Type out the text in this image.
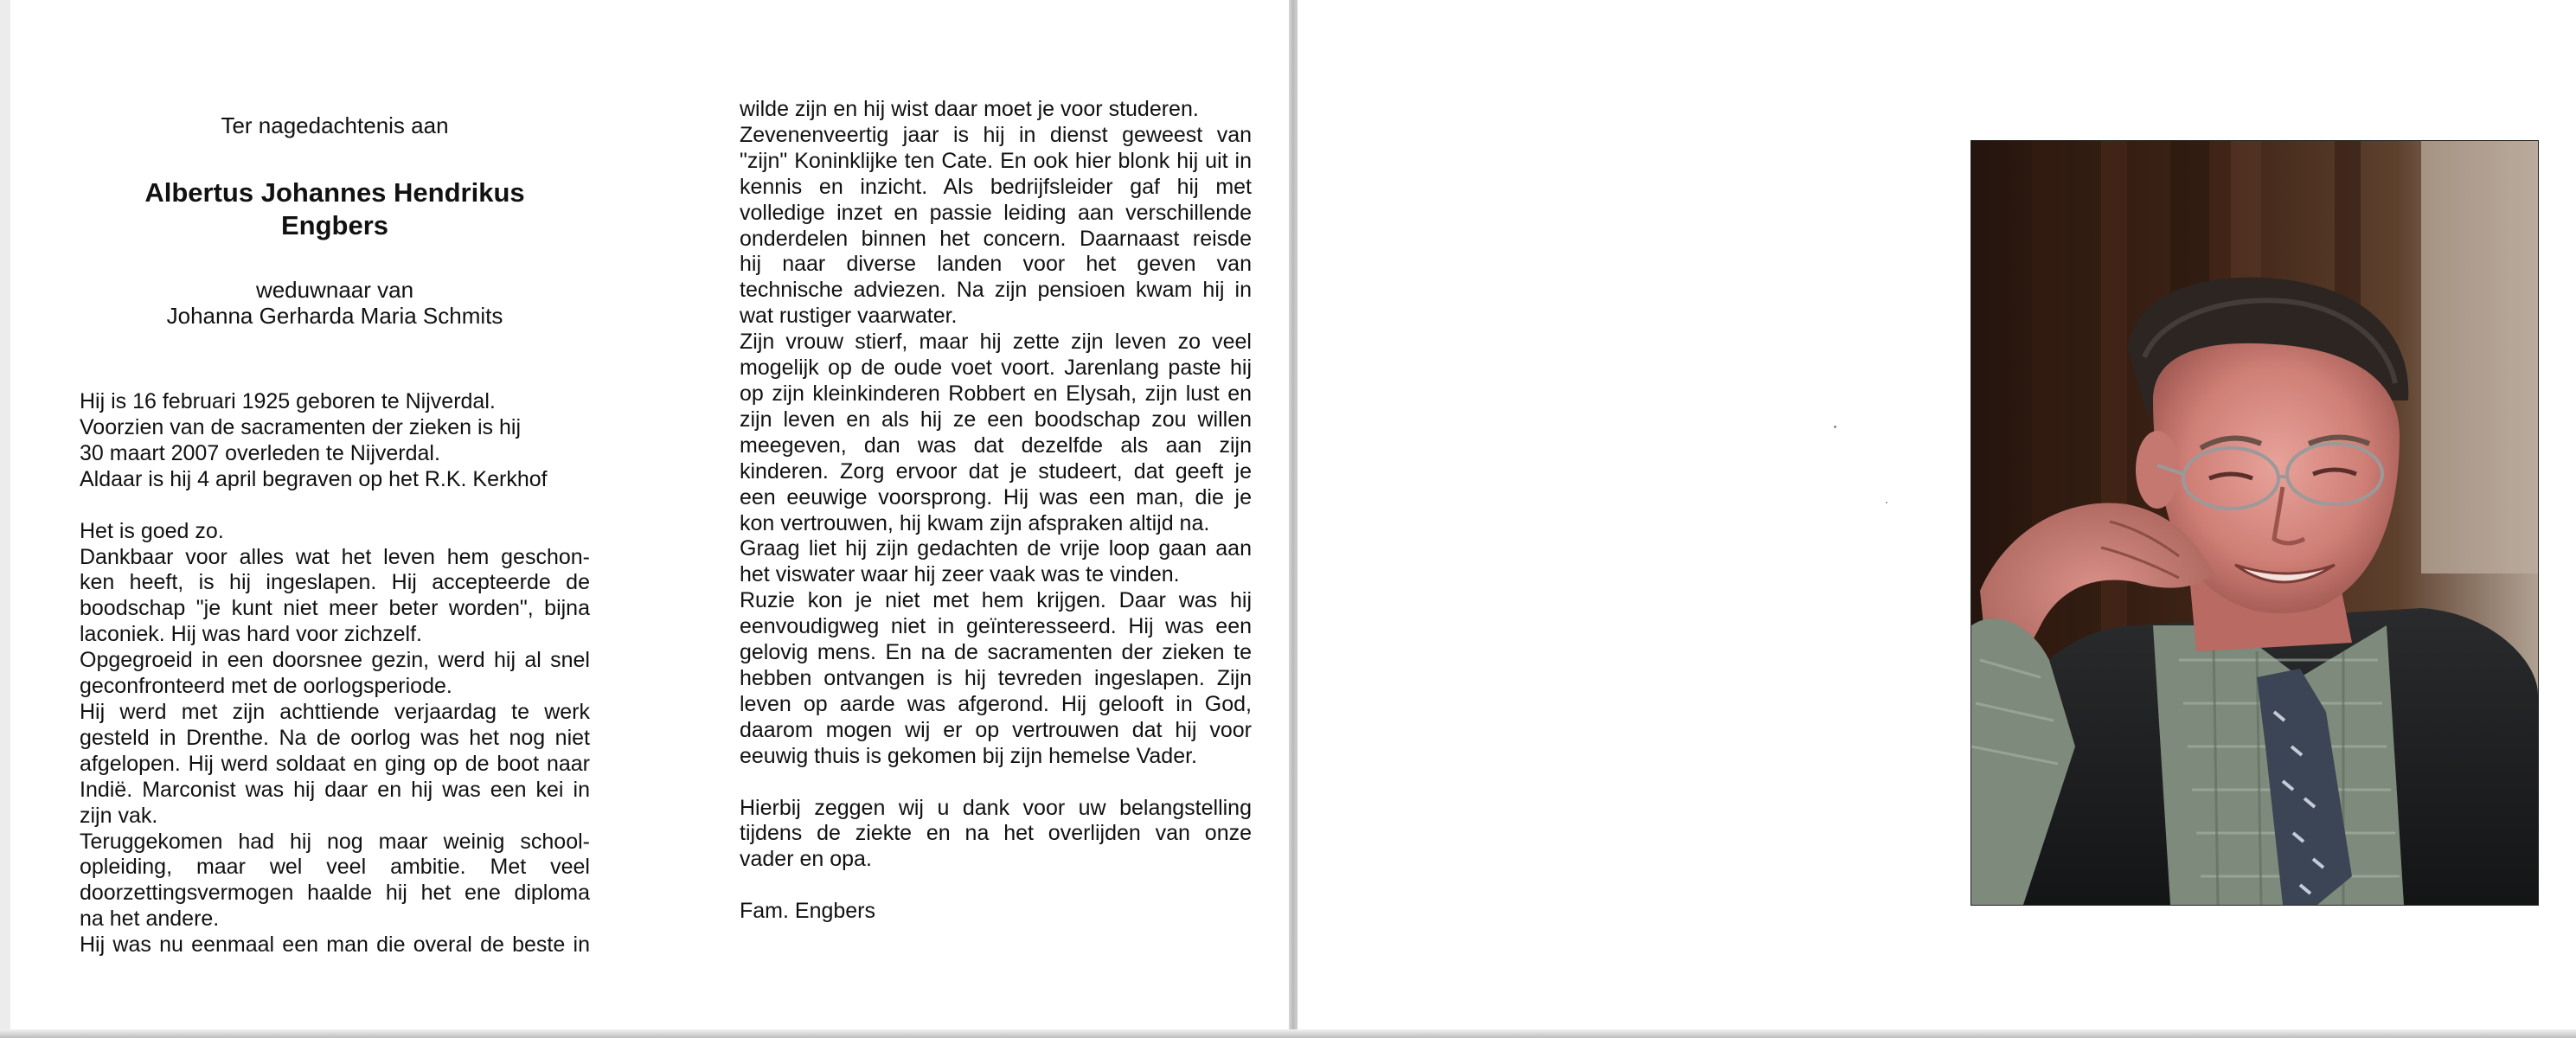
Ter nagedachtenis aan

Albertus Johannes Hendrikus
Engbers
weduwnaar van
Johanna Gerharda Maria Schmits
Hij is 16 februari 1925 geboren te Nijverdal.
Voorzien van de sacramenten der zieken is hij
30 maart 2007 overleden te Nijverdal.
Aldaar is hij 4 april begraven op het R.K. Kerkhof
Het is goed zo.
Dankbaar voor alles wat het leven hem geschon-
ken heeft, is hij ingeslapen. Hij accepteerde de
boodschap "je kunt niet meer beter worden", bijna
laconiek. Hij was hard voor zichzelf.
Opgegroeid in een doorsnee gezin, werd hij al snel
geconfronteerd met de oorlogsperiode.
Hij werd met zijn achttiende verjaardag te werk
gesteld in Drenthe. Na de oorlog was het nog niet
afgelopen. Hij werd soldaat en ging op de boot naar
Indië. Marconist was hij daar en hij was een kei in
zijn vak.
Teruggekomen had hij nog maar weinig school-
opleiding, maar wel veel ambitie. Met veel
doorzettingsvermogen haalde hij het ene diploma
na het andere.
Hij was nu eenmaal een man die overal de beste in
wilde zijn en hij wist daar moet je voor studeren.
Zevenenveertig jaar is hij in dienst geweest van
"zijn" Koninklijke ten Cate. En ook hier blonk hij uit in
kennis en inzicht. Als bedrijfsleider gaf hij met
volledige inzet en passie leiding aan verschillende
onderdelen binnen het concern. Daarnaast reisde
hij naar diverse landen voor het geven van
technische adviezen. Na zijn pensioen kwam hij in
wat rustiger vaarwater.
Zijn vrouw stierf, maar hij zette zijn leven zo veel
mogelijk op de oude voet voort. Jarenlang paste hij
op zijn kleinkinderen Robbert en Elysah, zijn lust en
zijn leven en als hij ze een boodschap zou willen
meegeven, dan was dat dezelfde als aan zijn
kinderen. Zorg ervoor dat je studeert, dat geeft je
een eeuwige voorsprong. Hij was een man, die je
kon vertrouwen, hij kwam zijn afspraken altijd na.
Graag liet hij zijn gedachten de vrije loop gaan aan
het viswater waar hij zeer vaak was te vinden.
Ruzie kon je niet met hem krijgen. Daar was hij
eenvoudigweg niet in geïnteresseerd. Hij was een
gelovig mens. En na de sacramenten der zieken te
hebben ontvangen is hij tevreden ingeslapen. Zijn
leven op aarde was afgerond. Hij gelooft in God,
daarom mogen wij er op vertrouwen dat hij voor
eeuwig thuis is gekomen bij zijn hemelse Vader.
Hierbij zeggen wij u dank voor uw belangstelling
tijdens de ziekte en na het overlijden van onze
vader en opa.
Fam. Engbers
